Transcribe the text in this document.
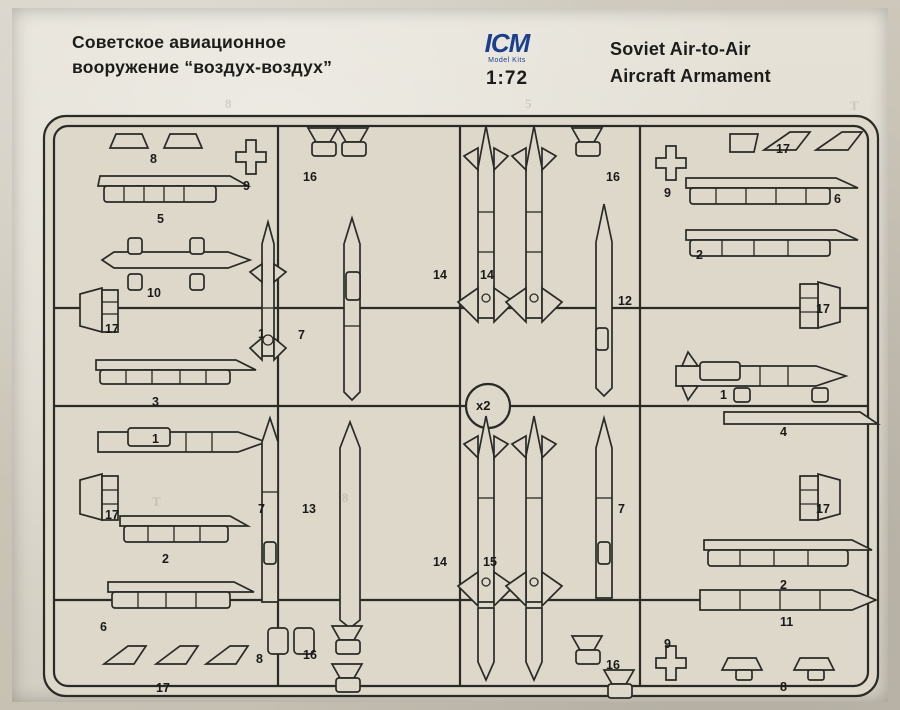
Советское авиационное
вооружение “воздух-воздух”
ICM
Model Kits
1:72
Soviet Air-to-Air
Aircraft Armament
x2
8
9
5
10
17	1
3
16
7
14	14
16
9
12
17
6
2
17
1
1	4
17	7	13
2
6
8	16
17
14	15
16
7	17
2
11
9
8
8	5	T
T	8
